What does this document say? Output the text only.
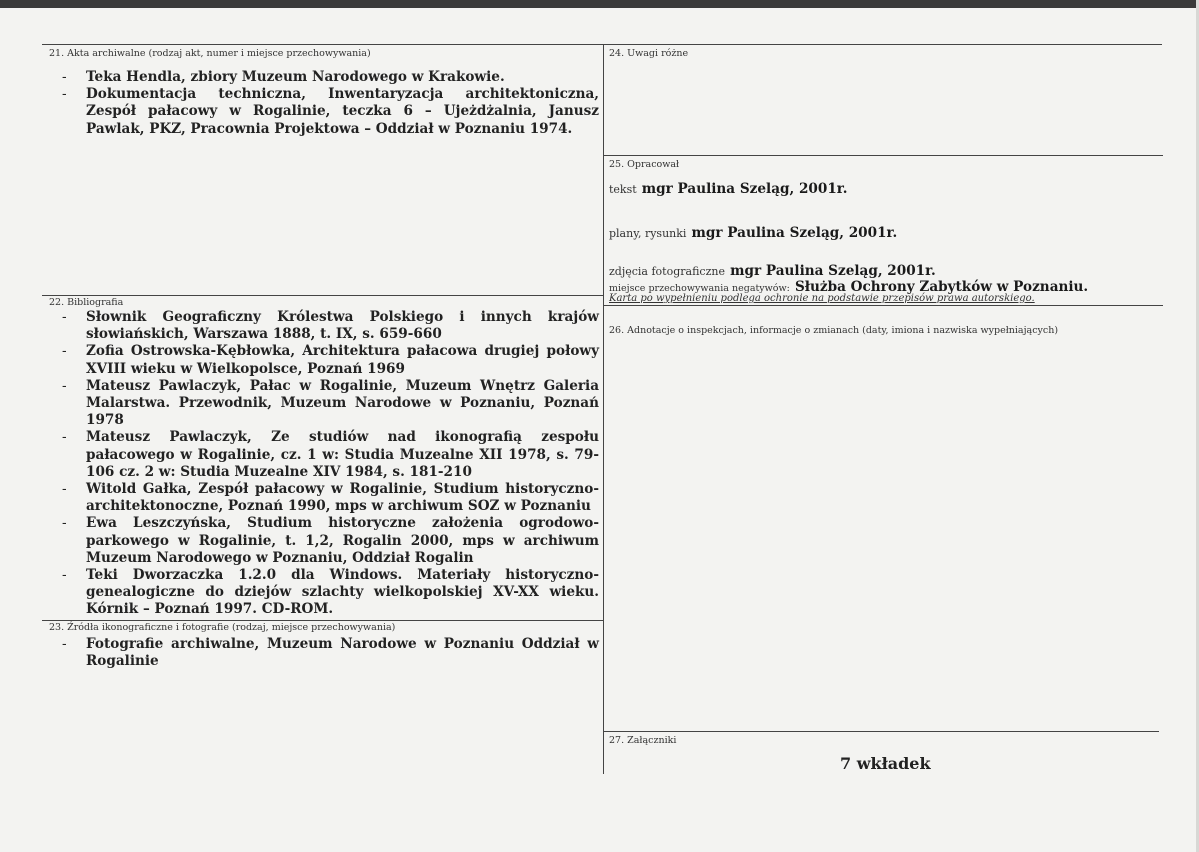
21. Akta archiwalne (rodzaj akt, numer i miejsce przechowywania)
- Teka Hendla, zbiory Muzeum Narodowego w Krakowie.
- Dokumentacja techniczna, Inwentaryzacja architektoniczna, Zespół pałacowy w Rogalinie, teczka 6 – Ujeżdżalnia, Janusz Pawlak, PKZ, Pracownia Projektowa – Oddział w Poznaniu 1974.
22. Bibliografia
- Słownik Geograficzny Królestwa Polskiego i innych krajów słowiańskich, Warszawa 1888, t. IX, s. 659-660
- Zofia Ostrowska-Kębłowka, Architektura pałacowa drugiej połowy XVIII wieku w Wielkopolsce, Poznań 1969
- Mateusz Pawlaczyk, Pałac w Rogalinie, Muzeum Wnętrz Galeria Malarstwa. Przewodnik, Muzeum Narodowe w Poznaniu, Poznań 1978
- Mateusz Pawlaczyk, Ze studiów nad ikonografią zespołu pałacowego w Rogalinie, cz. 1 w: Studia Muzealne XII 1978, s. 79-106 cz. 2 w: Studia Muzealne XIV 1984, s. 181-210
- Witold Gałka, Zespół pałacowy w Rogalinie, Studium historyczno-architektonoczne, Poznań 1990, mps w archiwum SOZ w Poznaniu
- Ewa Leszczyńska, Studium historyczne założenia ogrodowo-parkowego w Rogalinie, t. 1,2, Rogalin 2000, mps w archiwum Muzeum Narodowego w Poznaniu, Oddział Rogalin
- Teki Dworzaczka 1.2.0 dla Windows. Materiały historyczno-genealogiczne do dziejów szlachty wielkopolskiej XV-XX wieku. Kórnik – Poznań 1997. CD-ROM.
23. Źródła ikonograficzne i fotografie (rodzaj, miejsce przechowywania)
- Fotografie archiwalne, Muzeum Narodowe w Poznaniu Oddział w Rogalinie
24. Uwagi różne
25. Opracował
tekst mgr Paulina Szeląg, 2001r.
plany, rysunki mgr Paulina Szeląg, 2001r.
zdjęcia fotograficzne mgr Paulina Szeląg, 2001r.
miejsce przechowywania negatywów: Służba Ochrony Zabytków w Poznaniu.
Karta po wypełnieniu podlega ochronie na podstawie przepisów prawa autorskiego.
26. Adnotacje o inspekcjach, informacje o zmianach (daty, imiona i nazwiska wypełniających)
27. Załączniki
7 wkładek
